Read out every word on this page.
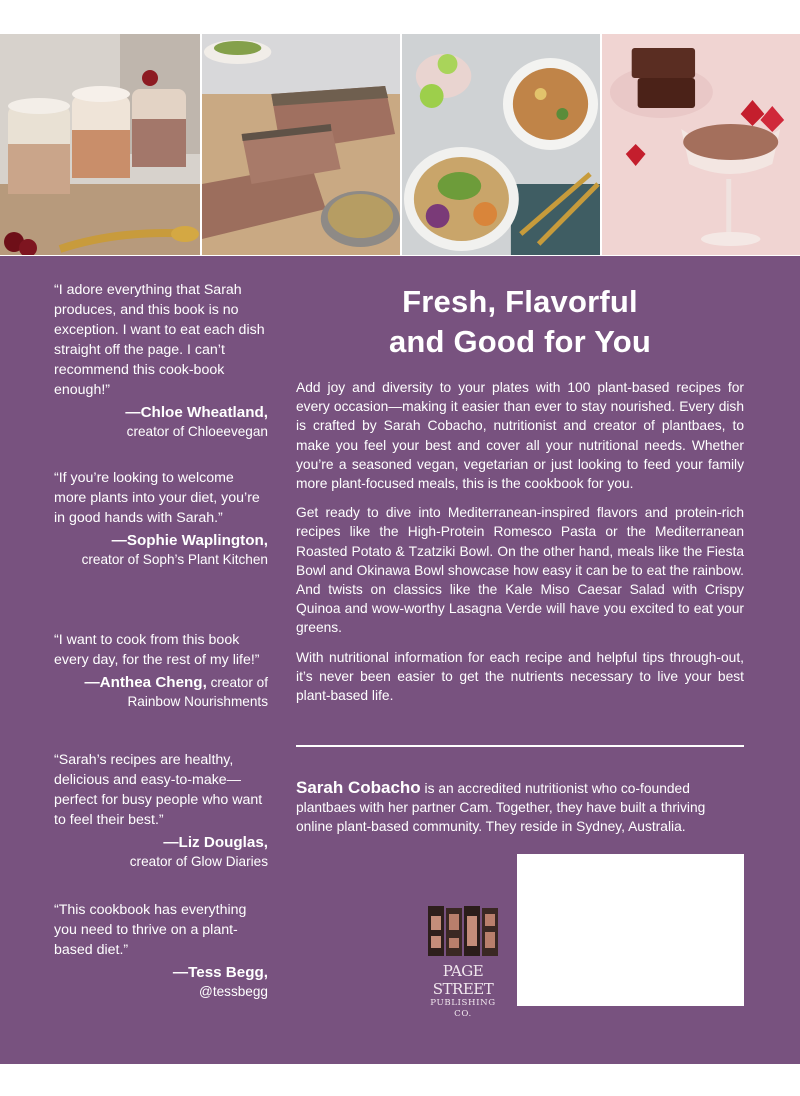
“I adore everything that Sarah produces, and this book is no exception. I want to eat each dish straight off the page. I can’t recommend this cook-book enough!”

—Chloe Wheatland,
creator of Chloeevegan

“If you’re looking to welcome more plants into your diet, you’re in good hands with Sarah.”

—Sophie Waplington,
creator of Soph’s Plant Kitchen

“I want to cook from this book every day, for the rest of my life!”

—Anthea Cheng, creator of
Rainbow Nourishments

“Sarah’s recipes are healthy, delicious and easy-to-make—perfect for busy people who want to feel their best.”

—Liz Douglas,
creator of Glow Diaries

“This cookbook has everything you need to thrive on a plant-based diet.”

—Tess Begg,
@tessbegg

Fresh, Flavorful
and Good for You

Add joy and diversity to your plates with 100 plant-based recipes for every occasion—making it easier than ever to stay nourished. Every dish is crafted by Sarah Cobacho, nutritionist and creator of plantbaes, to make you feel your best and cover all your nutritional needs. Whether you’re a seasoned vegan, vegetarian or just looking to feed your family more plant-focused meals, this is the cookbook for you.

Get ready to dive into Mediterranean-inspired flavors and protein-rich recipes like the High-Protein Romesco Pasta or the Mediterranean Roasted Potato & Tzatziki Bowl. On the other hand, meals like the Fiesta Bowl and Okinawa Bowl showcase how easy it can be to eat the rainbow. And twists on classics like the Kale Miso Caesar Salad with Crispy Quinoa and wow-worthy Lasagna Verde will have you excited to eat your greens.

With nutritional information for each recipe and helpful tips through-out, it’s never been easier to get the nutrients necessary to live your best plant-based life.

Sarah Cobacho is an accredited nutritionist who co-founded plantbaes with her partner Cam. Together, they have built a thriving online plant-based community. They reside in Sydney, Australia.

PAGE STREET
PUBLISHING CO.
